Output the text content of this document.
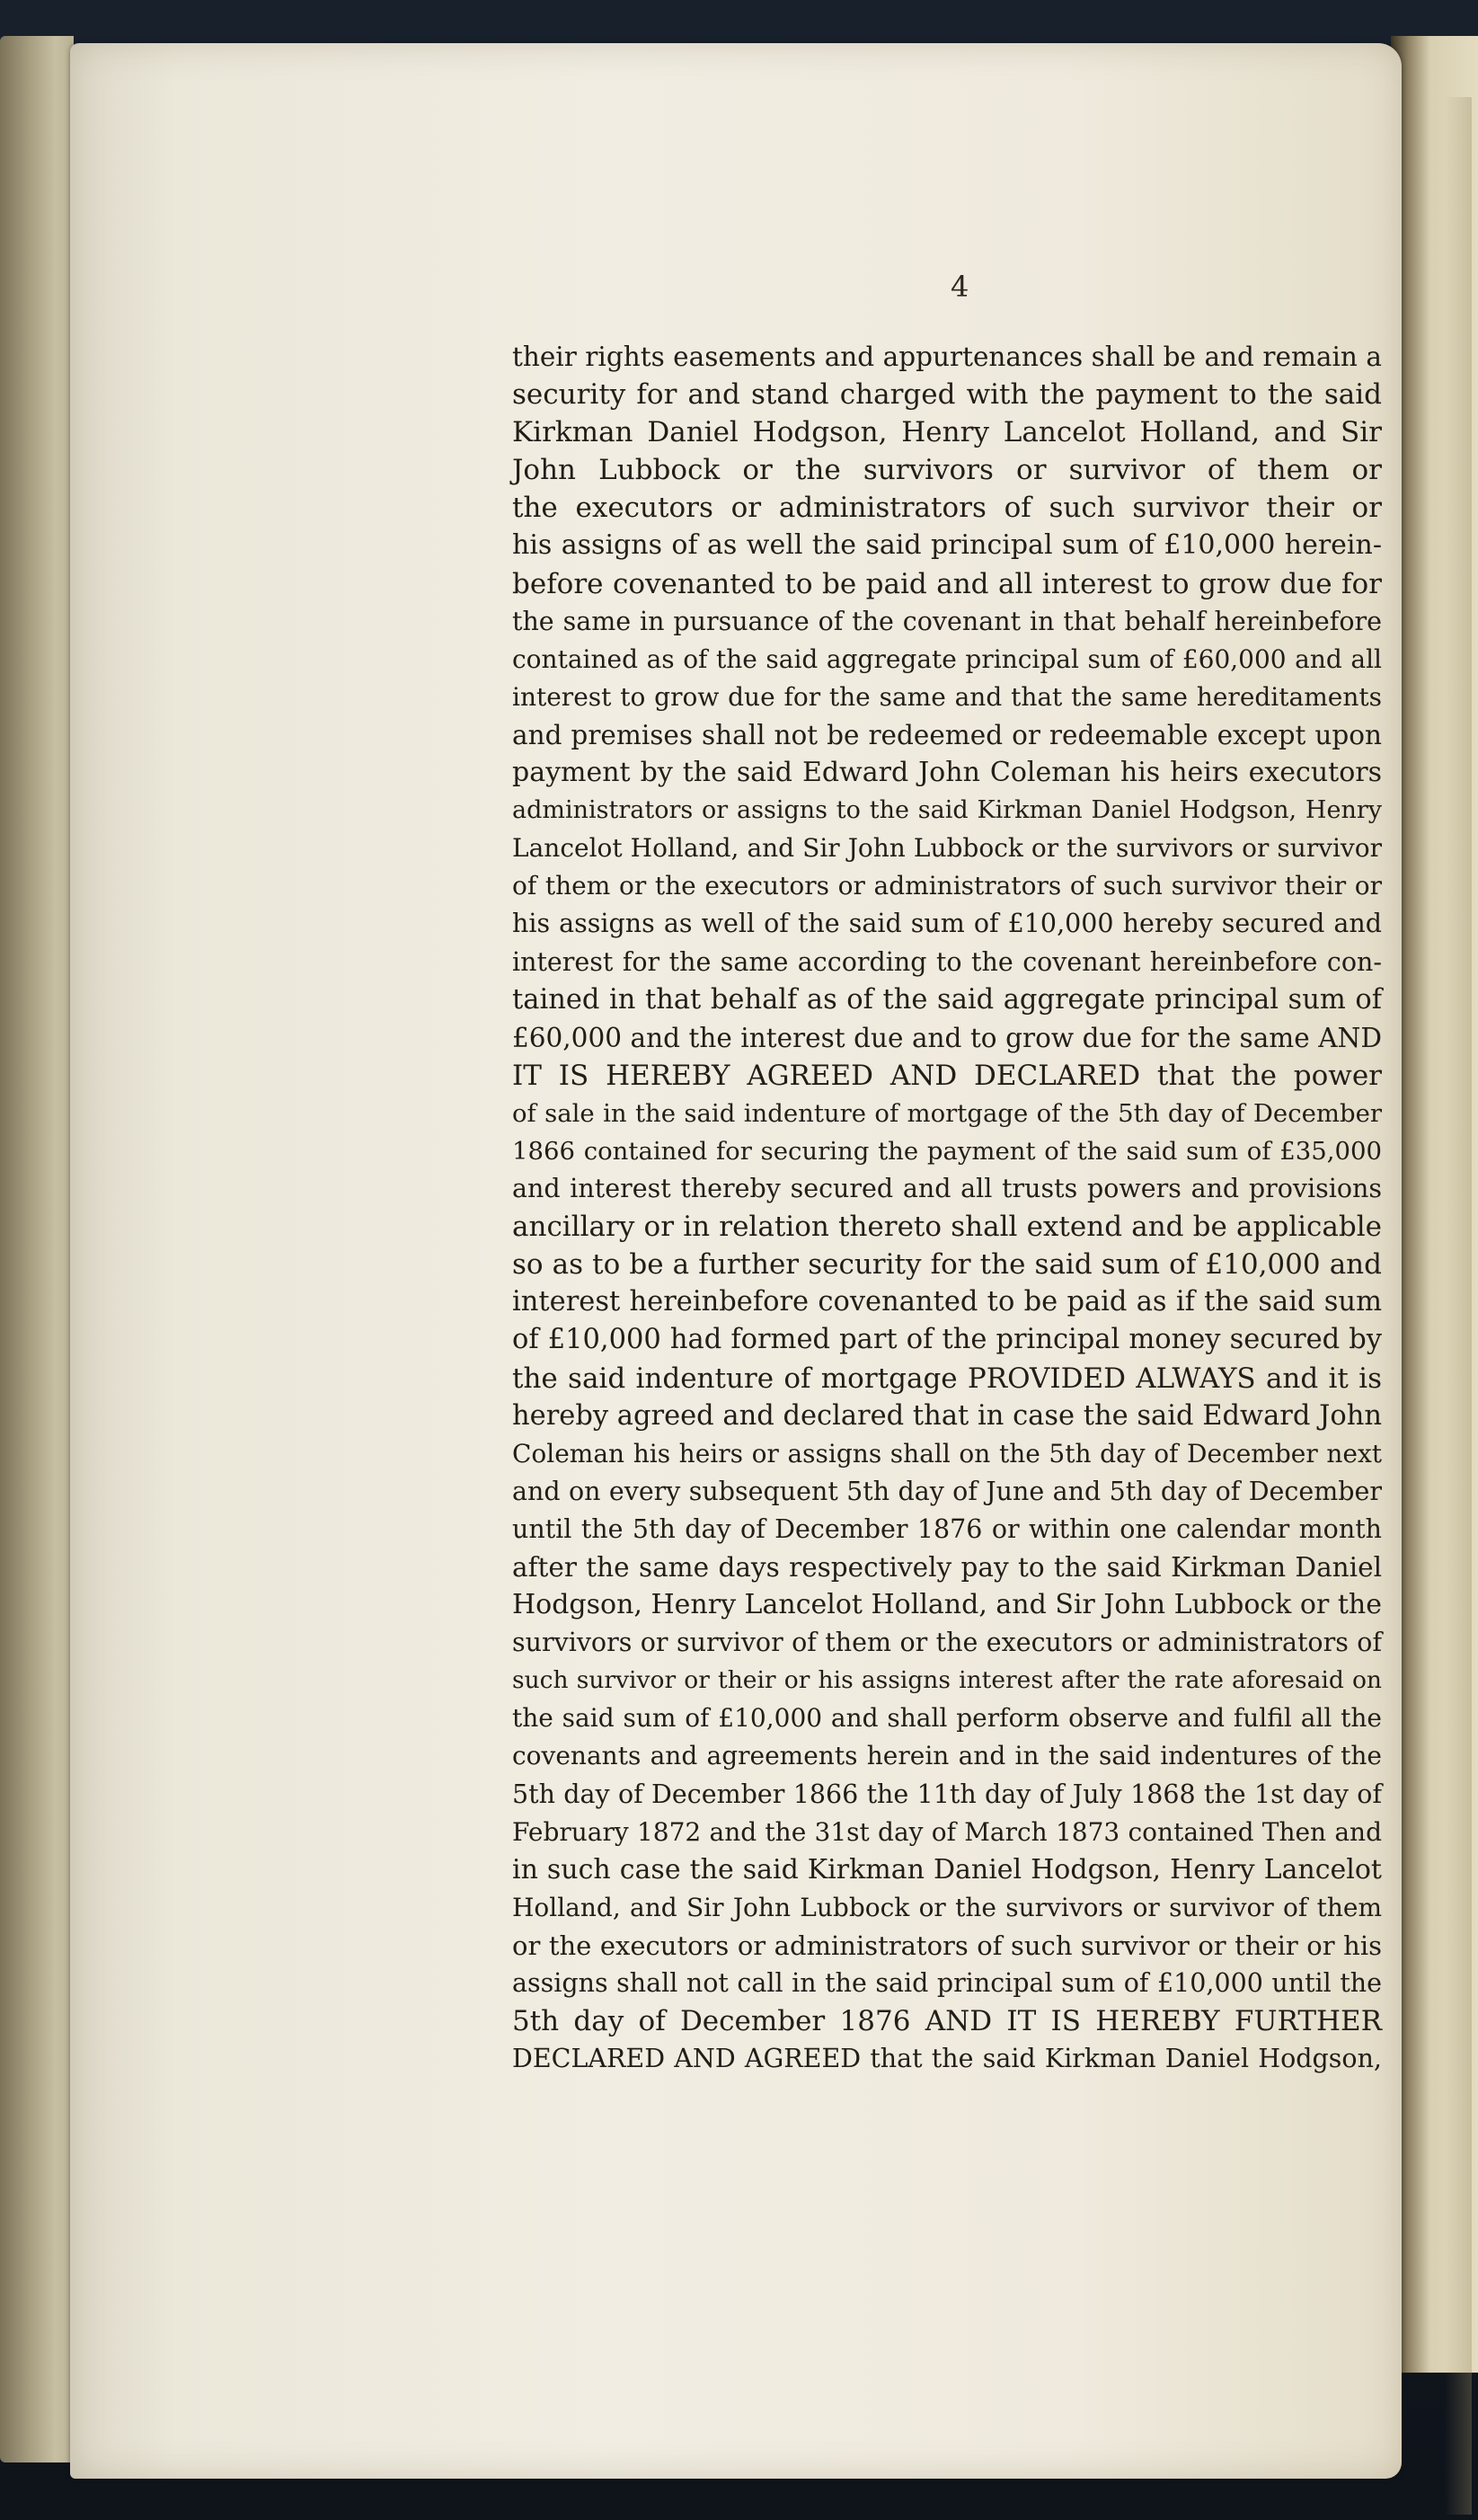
4
their rights easements and appurtenances shall be and remain a
security for and stand charged with the payment to the said
Kirkman Daniel Hodgson, Henry Lancelot Holland, and Sir
John Lubbock or the survivors or survivor of them or
the executors or administrators of such survivor their or
his assigns of as well the said principal sum of £10,000 herein-
before covenanted to be paid and all interest to grow due for
the same in pursuance of the covenant in that behalf hereinbefore
contained as of the said aggregate principal sum of £60,000 and all
interest to grow due for the same and that the same hereditaments
and premises shall not be redeemed or redeemable except upon
payment by the said Edward John Coleman his heirs executors
administrators or assigns to the said Kirkman Daniel Hodgson, Henry
Lancelot Holland, and Sir John Lubbock or the survivors or survivor
of them or the executors or administrators of such survivor their or
his assigns as well of the said sum of £10,000 hereby secured and
interest for the same according to the covenant hereinbefore con-
tained in that behalf as of the said aggregate principal sum of
£60,000 and the interest due and to grow due for the same AND
IT IS HEREBY AGREED AND DECLARED that the power
of sale in the said indenture of mortgage of the 5th day of December
1866 contained for securing the payment of the said sum of £35,000
and interest thereby secured and all trusts powers and provisions
ancillary or in relation thereto shall extend and be applicable
so as to be a further security for the said sum of £10,000 and
interest hereinbefore covenanted to be paid as if the said sum
of £10,000 had formed part of the principal money secured by
the said indenture of mortgage PROVIDED ALWAYS and it is
hereby agreed and declared that in case the said Edward John
Coleman his heirs or assigns shall on the 5th day of December next
and on every subsequent 5th day of June and 5th day of December
until the 5th day of December 1876 or within one calendar month
after the same days respectively pay to the said Kirkman Daniel
Hodgson, Henry Lancelot Holland, and Sir John Lubbock or the
survivors or survivor of them or the executors or administrators of
such survivor or their or his assigns interest after the rate aforesaid on
the said sum of £10,000 and shall perform observe and fulfil all the
covenants and agreements herein and in the said indentures of the
5th day of December 1866 the 11th day of July 1868 the 1st day of
February 1872 and the 31st day of March 1873 contained Then and
in such case the said Kirkman Daniel Hodgson, Henry Lancelot
Holland, and Sir John Lubbock or the survivors or survivor of them
or the executors or administrators of such survivor or their or his
assigns shall not call in the said principal sum of £10,000 until the
5th day of December 1876 AND IT IS HEREBY FURTHER
DECLARED AND AGREED that the said Kirkman Daniel Hodgson,
